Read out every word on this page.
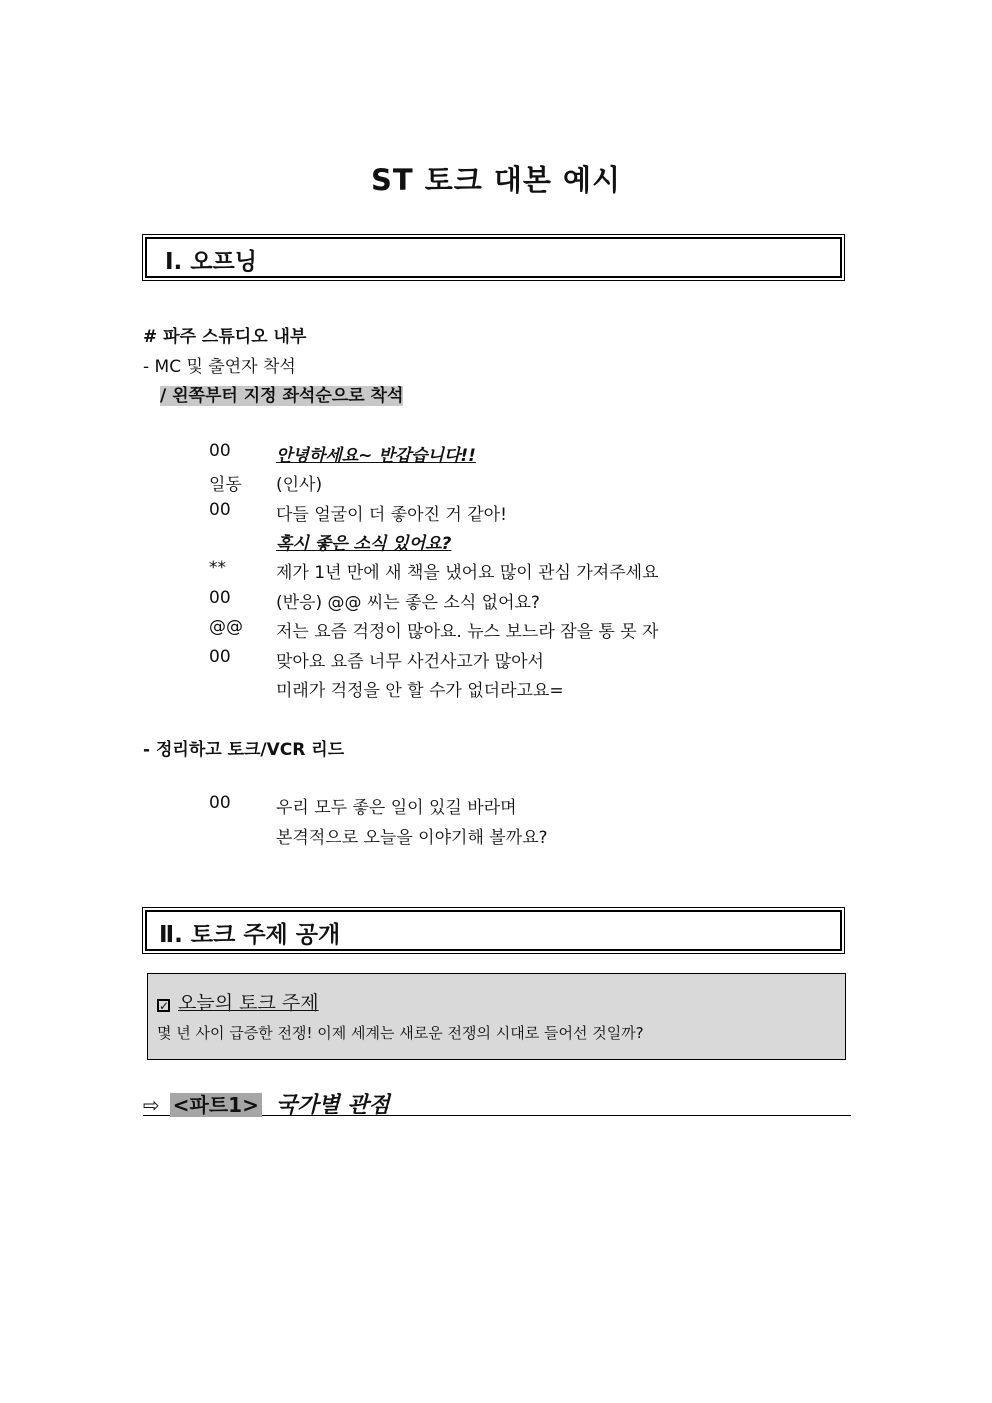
ST 토크 대본 예시
Ⅰ. 오프닝
# 파주 스튜디오 내부
- MC 및 출연자 착석
/ 왼쪽부터 지정 좌석순으로 착석
00	안녕하세요~ 반갑습니다!!
일동 (인사)
00	다들 얼굴이 더 좋아진 거 같아!
혹시 좋은 소식 있어요?
**	제가 1년 만에 새 책을 냈어요 많이 관심 가져주세요
00	(반응) @@ 씨는 좋은 소식 없어요?
@@ 저는 요즘 걱정이 많아요. 뉴스 보느라 잠을 통 못 자
00	맞아요 요즘 너무 사건사고가 많아서
미래가 걱정을 안 할 수가 없더라고요=
- 정리하고 토크/VCR 리드
00	우리 모두 좋은 일이 있길 바라며
본격적으로 오늘을 이야기해 볼까요?
Ⅱ. 토크 주제 공개
✓ 오늘의 토크 주제
몇 년 사이 급증한 전쟁! 이제 세계는 새로운 전쟁의 시대로 들어선 것일까?
⇨ <파트1> 국가별 관점
